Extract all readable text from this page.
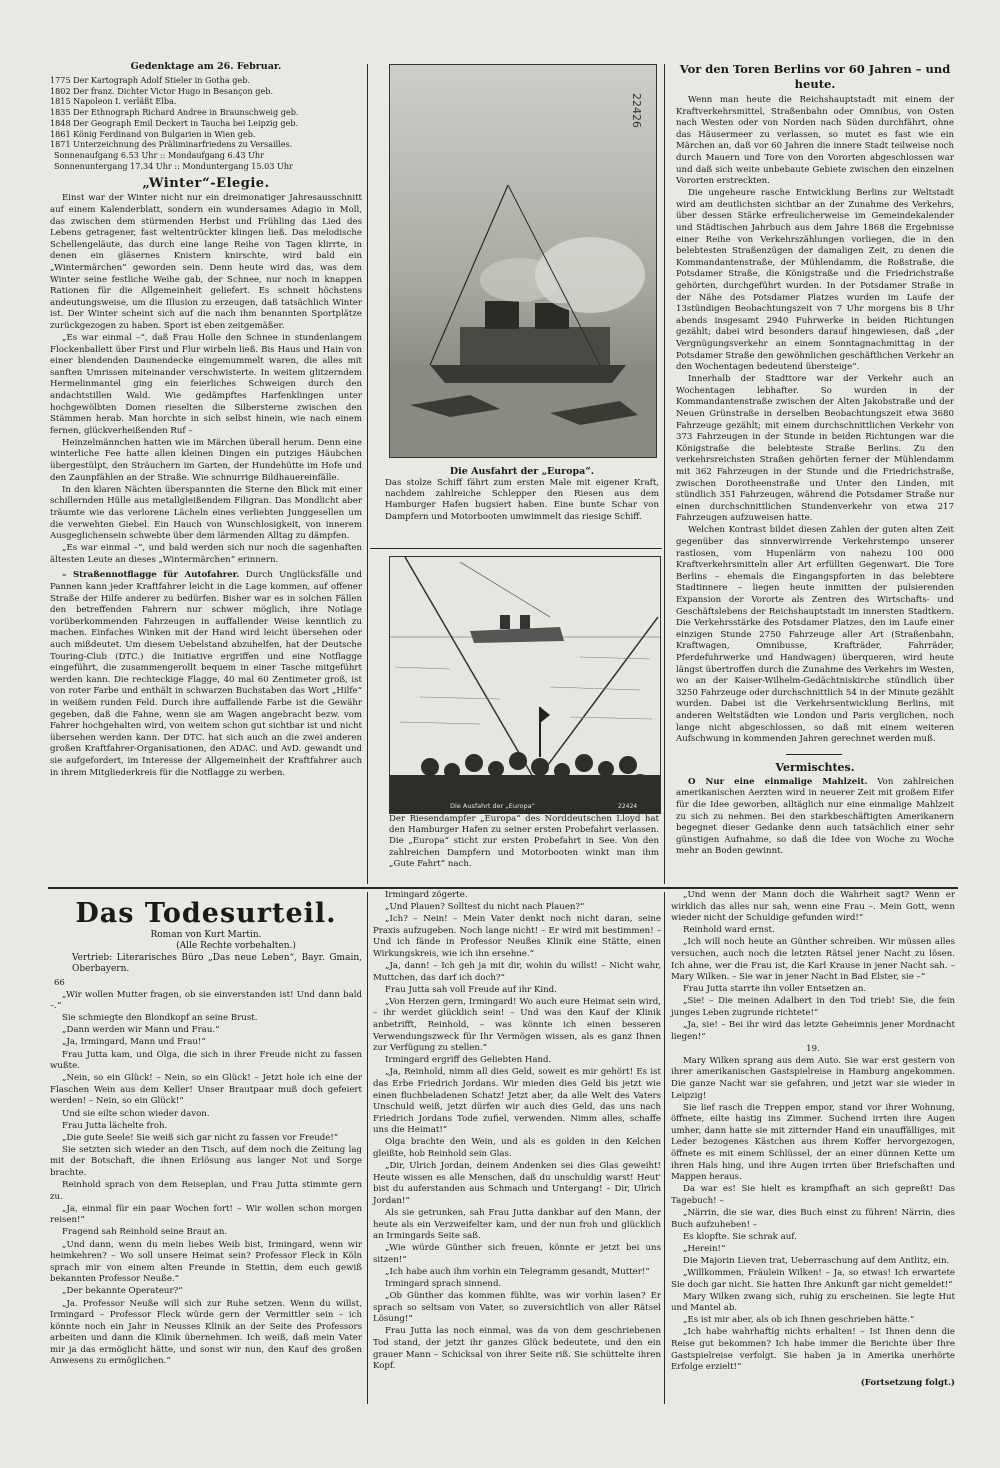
Gedenktage am 26. Februar.

1775 Der Kartograph Adolf Stieler in Gotha geb.

1802 Der franz. Dichter Victor Hugo in Besançon geb.

1815 Napoleon I. verläßt Elba.

1835 Der Ethnograph Richard Andree in Braunschweig geb.

1848 Der Geograph Emil Deckert in Taucha bei Leipzig geb.

1861 König Ferdinand von Bulgarien in Wien geb.

1871 Unterzeichnung des Präliminarfriedens zu Versailles.

Sonnenaufgang 6.53 Uhr :: Mondaufgang 6.43 Uhr

Sonnenuntergang 17.34 Uhr :: Monduntergang 15.03 Uhr

„Winter“-Elegie.

Einst war der Winter nicht nur ein dreimonatiger Jahresausschnitt auf einem Kalenderblatt, sondern ein wundersames Adagio in Moll, das zwischen dem stürmenden Herbst und Frühling das Lied des Lebens getragener, fast weltentrückter klingen ließ. Das melodische Schellengeläute, das durch eine lange Reihe von Tagen klirrte, in denen ein gläsernes Knistern knirschte, wird bald ein „Wintermärchen“ geworden sein. Denn heute wird das, was dem Winter seine festliche Weihe gab, der Schnee, nur noch in knappen Rationen für die Allgemeinheit geliefert. Es schneit höchstens andeutungsweise, um die Illusion zu erzeugen, daß tatsächlich Winter ist. Der Winter scheint sich auf die nach ihm benannten Sportplätze zurückgezogen zu haben. Sport ist eben zeitgemäßer.

„Es war einmal –“, daß Frau Holle den Schnee in stundenlangem Flockenballett über First und Flur wirbeln ließ. Bis Haus und Hain von einer blendenden Daunendecke eingemummelt waren, die alles mit sanften Umrissen miteinander verschwisterte. In weitem glitzerndem Hermelinmantel ging ein feierliches Schweigen durch den andachtstillen Wald. Wie gedämpftes Harfenklingen unter hochgewölbten Domen rieselten die Silbersterne zwischen den Stämmen herab. Man horchte in sich selbst hinein, wie nach einem fernen, glückverheißenden Ruf –

Heinzelmännchen hatten wie im Märchen überall herum. Denn eine winterliche Fee hatte allen kleinen Dingen ein putziges Häubchen übergestülpt, den Sträuchern im Garten, der Hundehütte im Hofe und den Zaunpfählen an der Straße. Wie schnurrige Bildhauereinfälle.

In den klaren Nächten überspannten die Sterne den Blick mit einer schillernden Hülle aus metallgleißendem Filigran. Das Mondlicht aber träumte wie das verlorene Lächeln eines verliebten Junggesellen um die verwehten Giebel. Ein Hauch von Wunschlosigkeit, von innerem Ausgeglichensein schwebte über dem lärmenden Alltag zu dämpfen.

„Es war einmal –“, und bald werden sich nur noch die sagenhaften ältesten Leute an dieses „Wintermärchen“ erinnern.

– Straßennotflagge für Autofahrer. Durch Unglücksfälle und Pannen kann jeder Kraftfahrer leicht in die Lage kommen, auf offener Straße der Hilfe anderer zu bedürfen. Bisher war es in solchen Fällen den betreffenden Fahrern nur schwer möglich, ihre Notlage vorüberkommenden Fahrzeugen in auffallender Weise kenntlich zu machen. Einfaches Winken mit der Hand wird leicht übersehen oder auch mißdeutet. Um diesem Uebelstand abzuhelfen, hat der Deutsche Touring-Club (DTC.) die Initiative ergriffen und eine Notflagge eingeführt, die zusammengerollt bequem in einer Tasche mitgeführt werden kann. Die rechteckige Flagge, 40 mal 60 Zentimeter groß, ist von roter Farbe und enthält in schwarzen Buchstaben das Wort „Hilfe“ in weißem runden Feld. Durch ihre auffallende Farbe ist die Gewähr gegeben, daß die Fahne, wenn sie am Wagen angebracht bezw. vom Fahrer hochgehalten wird, von weitem schon gut sichtbar ist und nicht übersehen werden kann. Der DTC. hat sich auch an die zwei anderen großen Kraftfahrer-Organisationen, den ADAC. und AvD. gewandt und sie aufgefordert, im Interesse der Allgemeinheit der Kraftfahrer auch in ihrem Mitgliederkreis für die Notflagge zu werben.

22426
Die Ausfahrt der „Europa“.
Das stolze Schiff fährt zum ersten Male mit eigener Kraft, nachdem zahlreiche Schlepper den Riesen aus dem Hamburger Hafen bugsiert haben. Eine bunte Schar von Dampfern und Motorbooten umwimmelt das riesige Schiff.
Die Ausfahrt der „Europa“	22424
Der Riesendampfer „Europa“ des Norddeutschen Lloyd hat den Hamburger Hafen zu seiner ersten Probefahrt verlassen. Die „Europa“ sticht zur ersten Probefahrt in See. Von den zahlreichen Dampfern und Motorbooten winkt man ihm „Gute Fahrt“ nach.
Vor den Toren Berlins vor 60 Jahren – und heute.

Wenn man heute die Reichshauptstadt mit einem der Kraftverkehrsmittel, Straßenbahn oder Omnibus, von Osten nach Westen oder von Norden nach Süden durchfährt, ohne das Häusermeer zu verlassen, so mutet es fast wie ein Märchen an, daß vor 60 Jahren die innere Stadt teilweise noch durch Mauern und Tore von den Vororten abgeschlossen war und daß sich weite unbebaute Gebiete zwischen den einzelnen Vororten erstreckten.

Die ungeheure rasche Entwicklung Berlins zur Weltstadt wird am deutlichsten sichtbar an der Zunahme des Verkehrs, über dessen Stärke erfreulicherweise im Gemeindekalender und Städtischen Jahrbuch aus dem Jahre 1868 die Ergebnisse einer Reihe von Verkehrszählungen vorliegen, die in den belebtesten Straßenzügen der damaligen Zeit, zu denen die Kommandantenstraße, der Mühlendamm, die Roßstraße, die Potsdamer Straße, die Königstraße und die Friedrichstraße gehörten, durchgeführt wurden. In der Potsdamer Straße in der Nähe des Potsdamer Platzes wurden im Laufe der 13stündigen Beobachtungszeit von 7 Uhr morgens bis 8 Uhr abends insgesamt 2940 Fuhrwerke in beiden Richtungen gezählt; dabei wird besonders darauf hingewiesen, daß „der Vergnügungsverkehr an einem Sonntagnachmittag in der Potsdamer Straße den gewöhnlichen geschäftlichen Verkehr an den Wochentagen bedeutend übersteige“.

Innerhalb der Stadttore war der Verkehr auch an Wochentagen lebhafter. So wurden in der Kommandantenstraße zwischen der Alten Jakobstraße und der Neuen Grünstraße in derselben Beobachtungszeit etwa 3680 Fahrzeuge gezählt; mit einem durchschnittlichen Verkehr von 373 Fahrzeugen in der Stunde in beiden Richtungen war die Königstraße die belebteste Straße Berlins. Zu den verkehrsreichsten Straßen gehörten ferner der Mühlendamm mit 362 Fahrzeugen in der Stunde und die Friedrichstraße, zwischen Dorotheenstraße und Unter den Linden, mit stündlich 351 Fahrzeugen, während die Potsdamer Straße nur einen durchschnittlichen Stundenverkehr von etwa 217 Fahrzeugen aufzuweisen hatte.

Welchen Kontrast bildet diesen Zahlen der guten alten Zeit gegenüber das sinnverwirrende Verkehrstempo unserer rastlosen, vom Hupenlärm von nahezu 100 000 Kraftverkehrsmitteln aller Art erfüllten Gegenwart. Die Tore Berlins – ehemals die Eingangspforten in das belebtere Stadtinnere – liegen heute inmitten der pulsierenden Expansion der Vororte als Zentren des Wirtschafts- und Geschäftslebens der Reichshauptstadt im innersten Stadtkern. Die Verkehrsstärke des Potsdamer Platzes, den im Laufe einer einzigen Stunde 2750 Fahrzeuge aller Art (Straßenbahn, Kraftwagen, Omnibusse, Krafträder, Fahrräder, Pferdefuhrwerke und Handwagen) überqueren, wird heute längst übertroffen durch die Zunahme des Verkehrs im Westen, wo an der Kaiser-Wilhelm-Gedächtniskirche stündlich über 3250 Fahrzeuge oder durchschnittlich 54 in der Minute gezählt wurden. Dabei ist die Verkehrsentwicklung Berlins, mit anderen Weltstädten wie London und Paris verglichen, noch lange nicht abgeschlossen, so daß mit einem weiteren Aufschwung in kommenden Jahren gerechnet werden muß.

Vermischtes.

O Nur eine einmalige Mahlzeit. Von zahlreichen amerikanischen Aerzten wird in neuerer Zeit mit großem Eifer für die Idee geworben, alltäglich nur eine einmalige Mahlzeit zu sich zu nehmen. Bei den starkbeschäftigten Amerikanern begegnet dieser Gedanke denn auch tatsächlich einer sehr günstigen Aufnahme, so daß die Idee von Woche zu Woche mehr an Boden gewinnt.

Das Todesurteil.
Roman von Kurt Martin.
(Alle Rechte vorbehalten.)
Vertrieb: Literarisches Büro „Das neue Leben“, Bayr. Gmain, Oberbayern.
66

„Wir wollen Mutter fragen, ob sie einverstanden ist! Und dann bald –.“

Sie schmiegte den Blondkopf an seine Brust.

„Dann werden wir Mann und Frau.“

„Ja, Irmingard, Mann und Frau!“

Frau Jutta kam, und Olga, die sich in ihrer Freude nicht zu fassen wußte.

„Nein, so ein Glück! – Nein, so ein Glück! – Jetzt hole ich eine der Flaschen Wein aus dem Keller! Unser Brautpaar muß doch gefeiert werden! – Nein, so ein Glück!“

Und sie eilte schon wieder davon.

Frau Jutta lächelte froh.

„Die gute Seele! Sie weiß sich gar nicht zu fassen vor Freude!“

Sie setzten sich wieder an den Tisch, auf dem noch die Zeitung lag mit der Botschaft, die ihnen Erlösung aus langer Not und Sorge brachte.

Reinhold sprach von dem Reiseplan, und Frau Jutta stimmte gern zu.

„Ja, einmal für ein paar Wochen fort! – Wir wollen schon morgen reisen!“

Fragend sah Reinhold seine Braut an.

„Und dann, wenn du mein liebes Weib bist, Irmingard, wenn wir heimkehren? – Wo soll unsere Heimat sein? Professor Fleck in Köln sprach mir von einem alten Freunde in Stettin, dem euch gewiß bekannten Professor Neuße.“

„Der bekannte Operateur?“

„Ja. Professor Neuße will sich zur Ruhe setzen. Wenn du willst, Irmingard – Professor Fleck würde gern der Vermittler sein – ich könnte noch ein Jahr in Neusses Klinik an der Seite des Professors arbeiten und dann die Klinik übernehmen. Ich weiß, daß mein Vater mir ja das ermöglicht hätte, und sonst wir nun, den Kauf des großen Anwesens zu ermöglichen.“

Irmingard zögerte.

„Und Plauen? Solltest du nicht nach Plauen?“

„Ich? – Nein! – Mein Vater denkt noch nicht daran, seine Praxis aufzugeben. Noch lange nicht! – Er wird mit bestimmen! – Und ich fände in Professor Neußes Klinik eine Stätte, einen Wirkungskreis, wie ich ihn ersehne.“

„Ja, dann! – Ich geh ja mit dir, wohin du willst! – Nicht wahr, Muttchen, das darf ich doch?“

Frau Jutta sah voll Freude auf ihr Kind.

„Von Herzen gern, Irmingard! Wo auch eure Heimat sein wird, – ihr werdet glücklich sein! – Und was den Kauf der Klinik anbetrifft, Reinhold, – was könnte ich einen besseren Verwendungszweck für Ihr Vermögen wissen, als es ganz Ihnen zur Verfügung zu stellen.“

Irmingard ergriff des Geliebten Hand.

„Ja, Reinhold, nimm all dies Geld, soweit es mir gehört! Es ist das Erbe Friedrich Jordans. Wir mieden dies Geld bis jetzt wie einen fluchbeladenen Schatz! Jetzt aber, da alle Welt des Vaters Unschuld weiß, jetzt dürfen wir auch dies Geld, das uns nach Friedrich Jordans Tode zufiel, verwenden. Nimm alles, schaffe uns die Heimat!“

Olga brachte den Wein, und als es golden in den Kelchen gleißte, hob Reinhold sein Glas.

„Dir, Ulrich Jordan, deinem Andenken sei dies Glas geweiht! Heute wissen es alle Menschen, daß du unschuldig warst! Heut' bist du auferstanden aus Schmach und Untergang! – Dir, Ulrich Jordan!“

Als sie getrunken, sah Frau Jutta dankbar auf den Mann, der heute als ein Verzweifelter kam, und der nun froh und glücklich an Irmingards Seite saß.

„Wie würde Günther sich freuen, könnte er jetzt bei uns sitzen!“

„Ich habe auch ihm vorhin ein Telegramm gesandt, Mutter!“

Irmingard sprach sinnend.

„Ob Günther das kommen fühlte, was wir vorhin lasen? Er sprach so seltsam von Vater, so zuversichtlich von aller Rätsel Lösung!“

Frau Jutta las noch einmal, was da von dem geschriebenen Tod stand, der jetzt ihr ganzes Glück bedeutete, und den ein grauer Mann – Schicksal von ihrer Seite riß. Sie schüttelte ihren Kopf.

„Und wenn der Mann doch die Wahrheit sagt? Wenn er wirklich das alles nur sah, wenn eine Frau –. Mein Gott, wenn wieder nicht der Schuldige gefunden wird!“

Reinhold ward ernst.

„Ich will noch heute an Günther schreiben. Wir müssen alles versuchen, auch noch die letzten Rätsel jener Nacht zu lösen. Ich ahne, wer die Frau ist, die Karl Krause in jener Nacht sah. – Mary Wilken. – Sie war in jener Nacht in Bad Elster, sie –“

Frau Jutta starrte ihn voller Entsetzen an.

„Sie! – Die meinen Adalbert in den Tod trieb! Sie, die fein junges Leben zugrunde richtete!“

„Ja, sie! – Bei ihr wird das letzte Geheimnis jener Mordnacht liegen!“

19.

Mary Wilken sprang aus dem Auto. Sie war erst gestern von ihrer amerikanischen Gastspielreise in Hamburg angekommen. Die ganze Nacht war sie gefahren, und jetzt war sie wieder in Leipzig!

Sie lief rasch die Treppen empor, stand vor ihrer Wohnung, öffnete, eilte hastig ins Zimmer. Suchend irrten ihre Augen umher, dann hatte sie mit zitternder Hand ein unauffälliges, mit Leder bezogenes Kästchen aus ihrem Koffer hervorgezogen, öffnete es mit einem Schlüssel, der an einer dünnen Kette um ihren Hals hing, und ihre Augen irrten über Briefschaften und Mappen heraus.

Da war es! Sie hielt es krampfhaft an sich gepreßt! Das Tagebuch! –

„Närrin, die sie war, dies Buch einst zu führen! Närrin, dies Buch aufzuheben! –

Es klopfte. Sie schrak auf.

„Herein!“

Die Majorin Lieven trat, Ueberraschung auf dem Antlitz, ein.

„Willkommen, Fräulein Wilken! – Ja, so etwas! Ich erwartete Sie doch gar nicht. Sie hatten Ihre Ankunft gar nicht gemeldet!“

Mary Wilken zwang sich, ruhig zu erscheinen. Sie legte Hut und Mantel ab.

„Es ist mir aber, als ob ich Ihnen geschrieben hätte.“

„Ich habe wahrhaftig nichts erhalten! – Ist Ihnen denn die Reise gut bekommen? Ich habe immer die Berichte über Ihre Gastspielreise verfolgt. Sie haben ja in Amerika unerhörte Erfolge erzielt!“

(Fortsetzung folgt.)
